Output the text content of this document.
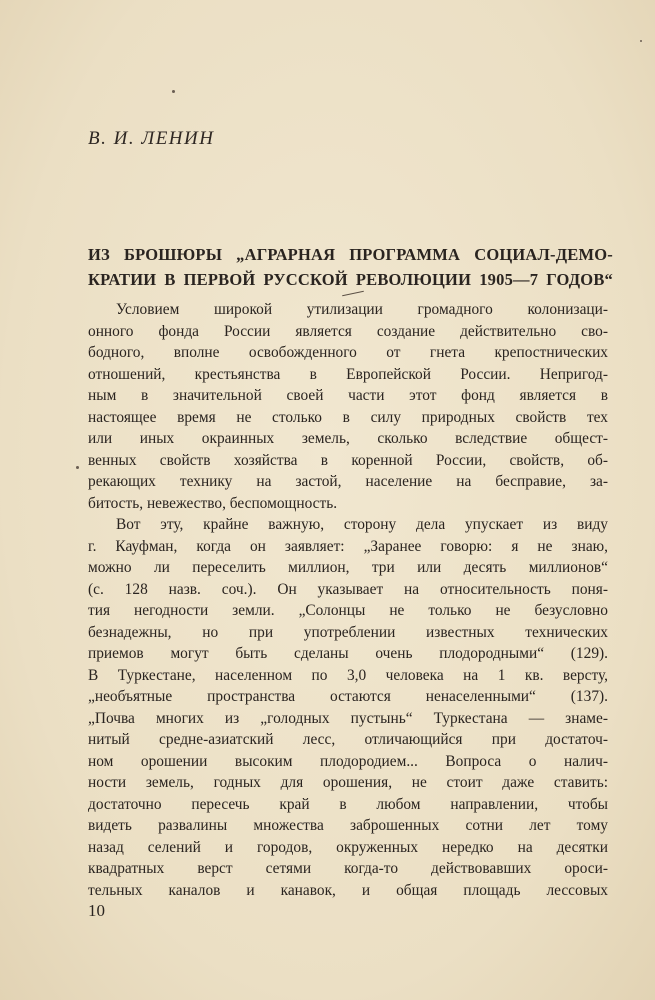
В. И. ЛЕНИН
ИЗ БРОШЮРЫ „АГРАРНАЯ ПРОГРАММА СОЦИАЛ-ДЕМО-
КРАТИИ В ПЕРВОЙ РУССКОЙ РЕВОЛЮЦИИ 1905—7 ГОДОВ“
Условием широкой утилизации громадного колонизаци-
онного фонда России является создание действительно сво-
бодного, вполне освобожденного от гнета крепостнических
отношений, крестьянства в Европейской России. Непригод-
ным в значительной своей части этот фонд является в
настоящее время не столько в силу природных свойств тех
или иных окраинных земель, сколько вследствие общест-
венных свойств хозяйства в коренной России, свойств, об-
рекающих технику на застой, население на бесправие, за-
битость, невежество, беспомощность.
Вот эту, крайне важную, сторону дела упускает из виду
г. Кауфман, когда он заявляет: „Заранее говорю: я не знаю,
можно ли переселить миллион, три или десять миллионов“
(с. 128 назв. соч.). Он указывает на относительность поня-
тия негодности земли. „Солонцы не только не безусловно
безнадежны, но при употреблении известных технических
приемов могут быть сделаны очень плодородными“ (129).
В Туркестане, населенном по 3,0 человека на 1 кв. версту,
„необъятные пространства остаются ненаселенными“ (137).
„Почва многих из „голодных пустынь“ Туркестана — знаме-
нитый средне-азиатский лесс, отличающийся при достаточ-
ном орошении высоким плодородием... Вопроса о налич-
ности земель, годных для орошения, не стоит даже ставить:
достаточно пересечь край в любом направлении, чтобы
видеть развалины множества заброшенных сотни лет тому
назад селений и городов, окруженных нередко на десятки
квадратных верст сетями когда-то действовавших ороси-
тельных каналов и канавок, и общая площадь лессовых
10
